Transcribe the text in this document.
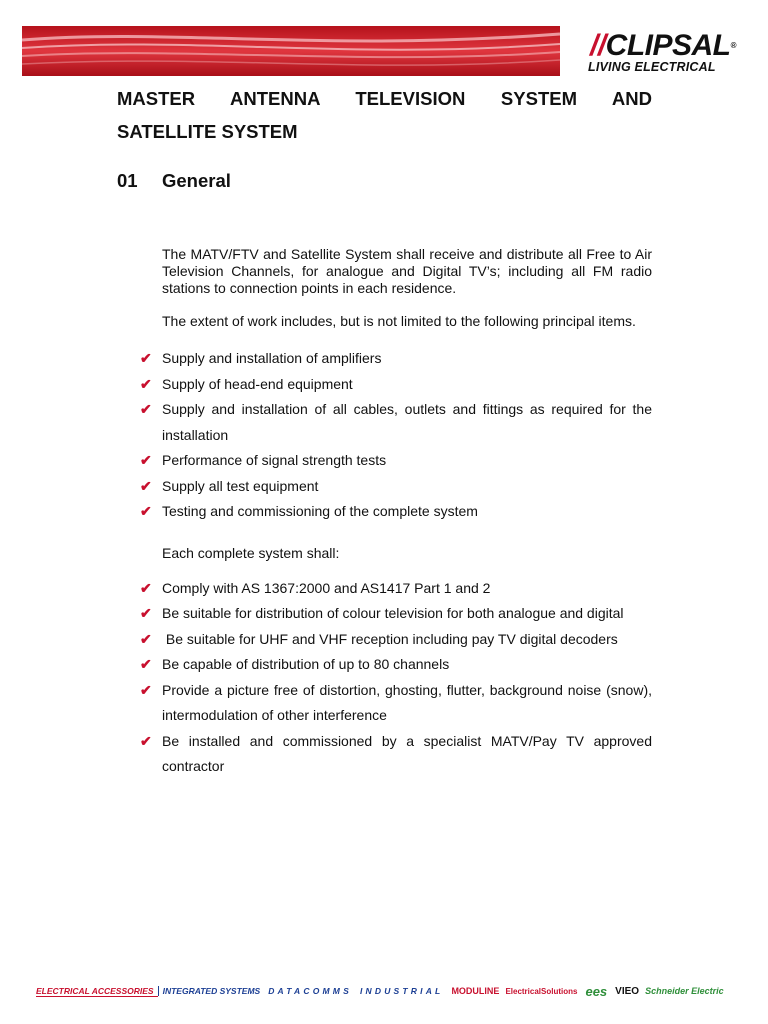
//CLIPSAL®
LIVING ELECTRICAL

MASTER ANTENNA TELEVISION SYSTEM AND

SATELLITE SYSTEM

01	General

The MATV/FTV and Satellite System shall receive and distribute all Free to Air Television Channels, for analogue and Digital TV’s; including all FM radio stations to connection points in each residence.

The extent of work includes, but is not limited to the following principal items.

✔ Supply and installation of amplifiers
✔ Supply of head-end equipment
✔ Supply and installation of all cables, outlets and fittings as required for the installation
✔ Performance of signal strength tests
✔ Supply all test equipment
✔ Testing and commissioning of the complete system

Each complete system shall:

✔ Comply with AS 1367:2000 and AS1417 Part 1 and 2
✔ Be suitable for distribution of colour television for both analogue and digital
✔ Be suitable for UHF and VHF reception including pay TV digital decoders
✔ Be capable of distribution of up to 80 channels
✔ Provide a picture free of distortion, ghosting, flutter, background noise (snow), intermodulation of other interference
✔ Be installed and commissioned by a specialist MATV/Pay TV approved contractor
ELECTRICAL ACCESSORIES	INTEGRATED SYSTEMS DATACOMMS INDUSTRIAL MODULINE ElectricalSolutions ees VIEO Schneider Electric
